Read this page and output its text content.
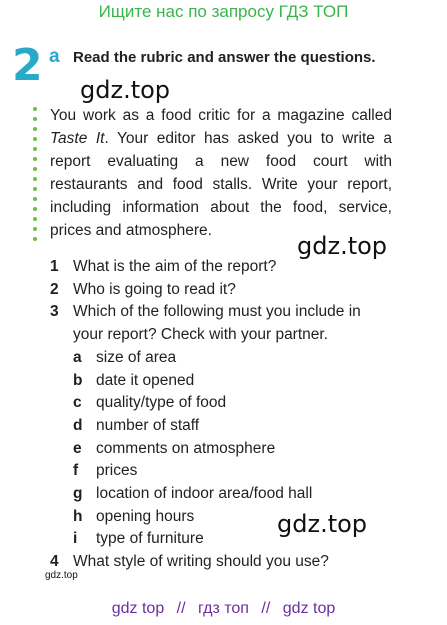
Ищите нас по запросу ГДЗ ТОП
2 a Read the rubric and answer the questions.
gdz.top

You work as a food critic for a magazine called Taste It. Your editor has asked you to write a report evaluating a new food court with restaurants and food stalls. Write your report, including information about the food, service, prices and atmosphere.

gdz.top
1 What is the aim of the report?
2 Who is going to read it?
3 Which of the following must you include in your report? Check with your partner.
a size of area
b date it opened
c quality/type of food
d number of staff
e comments on atmosphere
f prices
g location of indoor area/food hall
h opening hours
i type of furniture
4 What style of writing should you use?
gdz.top
gdz.top
gdz top // гдз топ // gdz top
